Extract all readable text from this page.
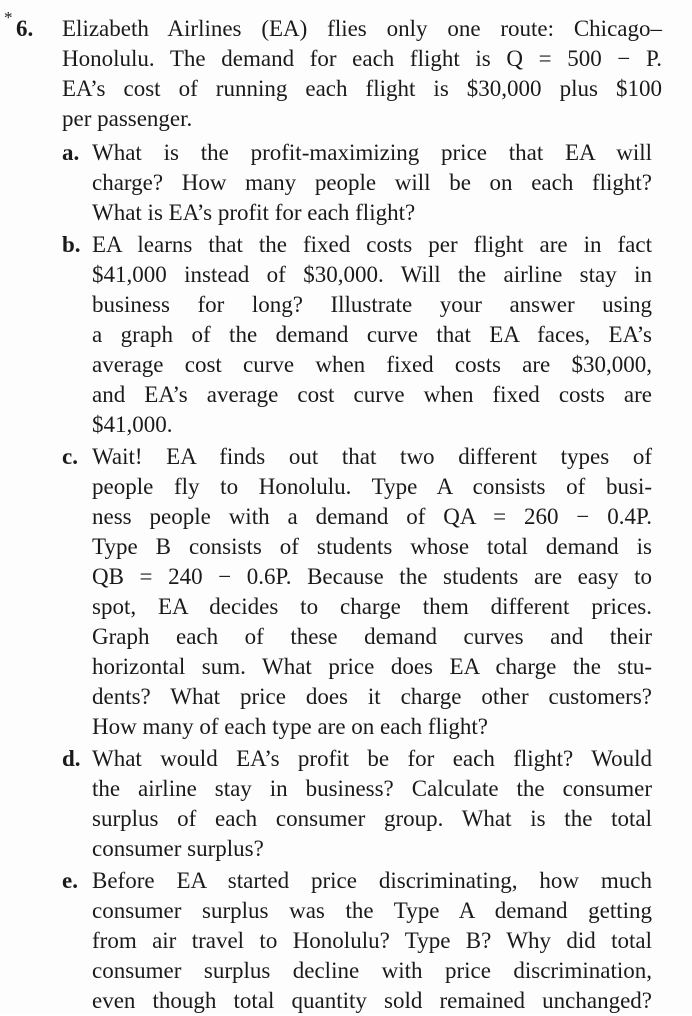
* 6. Elizabeth Airlines (EA) flies only one route: Chicago–
Honolulu. The demand for each flight is Q = 500 − P.
EA’s cost of running each flight is $30,000 plus $100
per passenger.
a. What is the profit-maximizing price that EA will
charge? How many people will be on each flight?
What is EA’s profit for each flight?
b. EA learns that the fixed costs per flight are in fact
$41,000 instead of $30,000. Will the airline stay in
business for long? Illustrate your answer using
a graph of the demand curve that EA faces, EA’s
average cost curve when fixed costs are $30,000,
and EA’s average cost curve when fixed costs are
$41,000.
c. Wait! EA finds out that two different types of
people fly to Honolulu. Type A consists of busi-
ness people with a demand of QA = 260 − 0.4P.
Type B consists of students whose total demand is
QB = 240 − 0.6P. Because the students are easy to
spot, EA decides to charge them different prices.
Graph each of these demand curves and their
horizontal sum. What price does EA charge the stu-
dents? What price does it charge other customers?
How many of each type are on each flight?
d. What would EA’s profit be for each flight? Would
the airline stay in business? Calculate the consumer
surplus of each consumer group. What is the total
consumer surplus?
e. Before EA started price discriminating, how much
consumer surplus was the Type A demand getting
from air travel to Honolulu? Type B? Why did total
consumer surplus decline with price discrimination,
even though total quantity sold remained unchanged?
